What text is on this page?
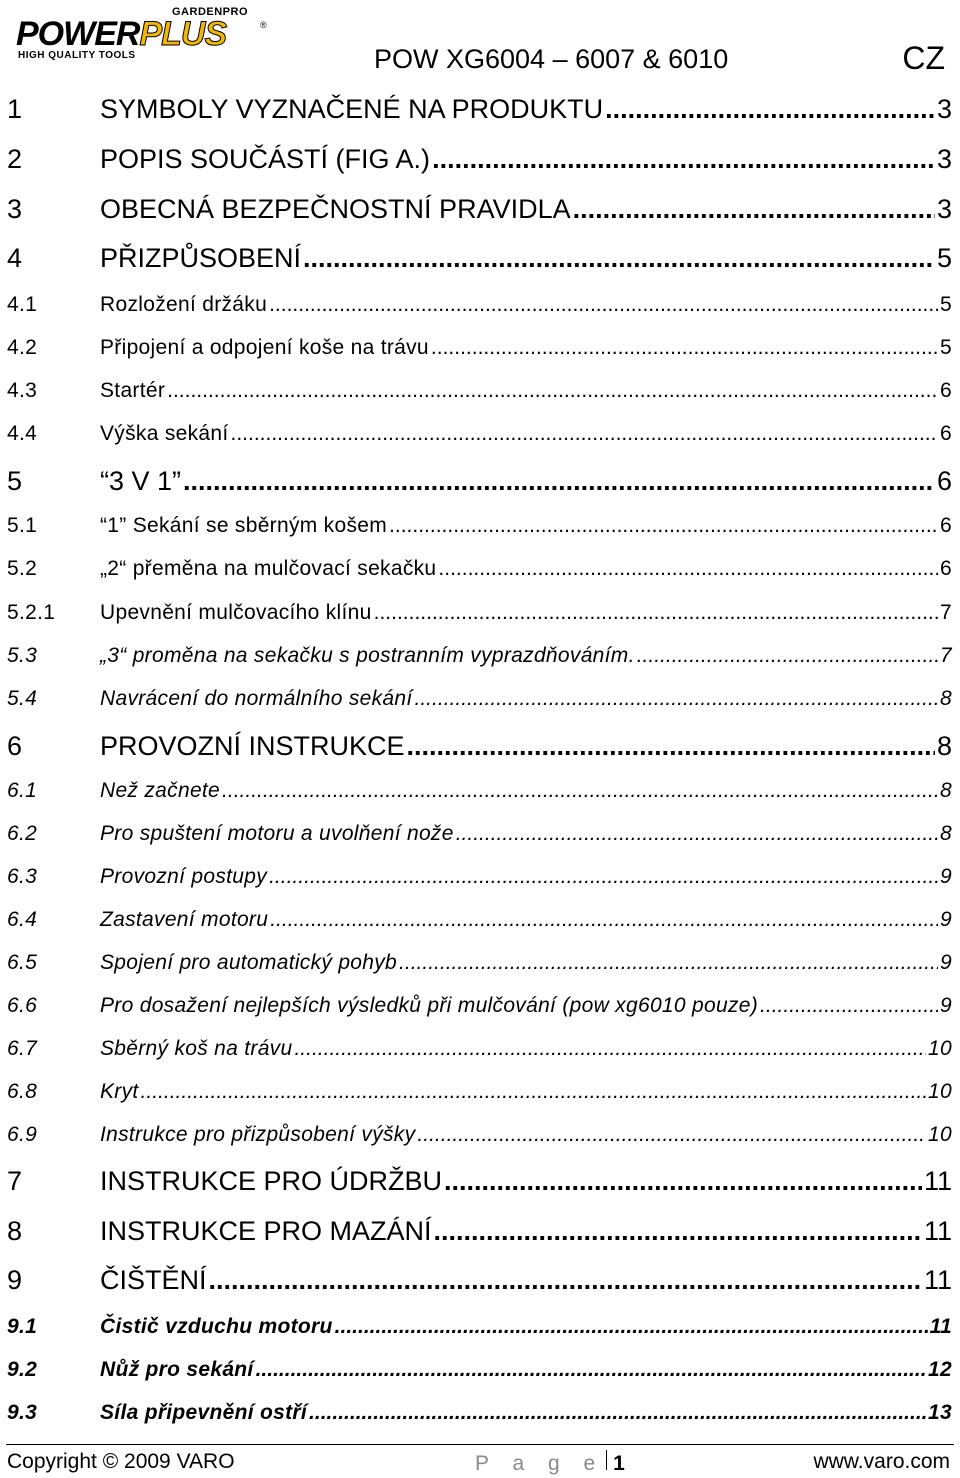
GARDENPRO
POWERPLUS	®
HIGH QUALITY TOOLS	POW XG6004 – 6007 & 6010	CZ
1	SYMBOLY VYZNAČENÉ NA PRODUKTU .....	3
2	POPIS SOUČÁSTÍ (FIG A.) .....	3
3	OBECNÁ BEZPEČNOSTNÍ PRAVIDLA .....	3
4	PŘIZPŮSOBENÍ .....	5
4.1	Rozložení držáku .....	5
4.2	Připojení a odpojení koše na trávu .....	5
4.3	Startér .....	6
4.4	Výška sekání .....	6
5	“3 V 1” .....	6
5.1	“1” Sekání se sběrným košem .....	6
5.2	„2“ přeměna na mulčovací sekačku .....	6
5.2.1	Upevnění mulčovacího klínu .....	7
5.3	„3“ proměna na sekačku s postranním vyprazdňováním. .....	7
5.4	Navrácení do normálního sekání .....	8
6	PROVOZNÍ INSTRUKCE .....	8
6.1	Než začnete .....	8
6.2	Pro spuštení motoru a uvolňení nože .....	8
6.3	Provozní postupy .....	9
6.4	Zastavení motoru .....	9
6.5	Spojení pro automatický pohyb .....	9
6.6	Pro dosažení nejlepších výsledků při mulčování (pow xg6010 pouze) .....	9
6.7	Sběrný koš na trávu .....	10
6.8	Kryt .....	10
6.9	Instrukce pro přizpůsobení výšky .....	10
7	INSTRUKCE PRO ÚDRŽBU .....	11
8	INSTRUKCE PRO MAZÁNÍ .....	11
9	ČIŠTĚNÍ .....	11
9.1	Čistič vzduchu motoru .....	11
9.2	Nůž pro sekání .....	12
9.3	Síla připevnění ostří .....	13
Copyright © 2009 VARO	P a g e 1	www.varo.com
